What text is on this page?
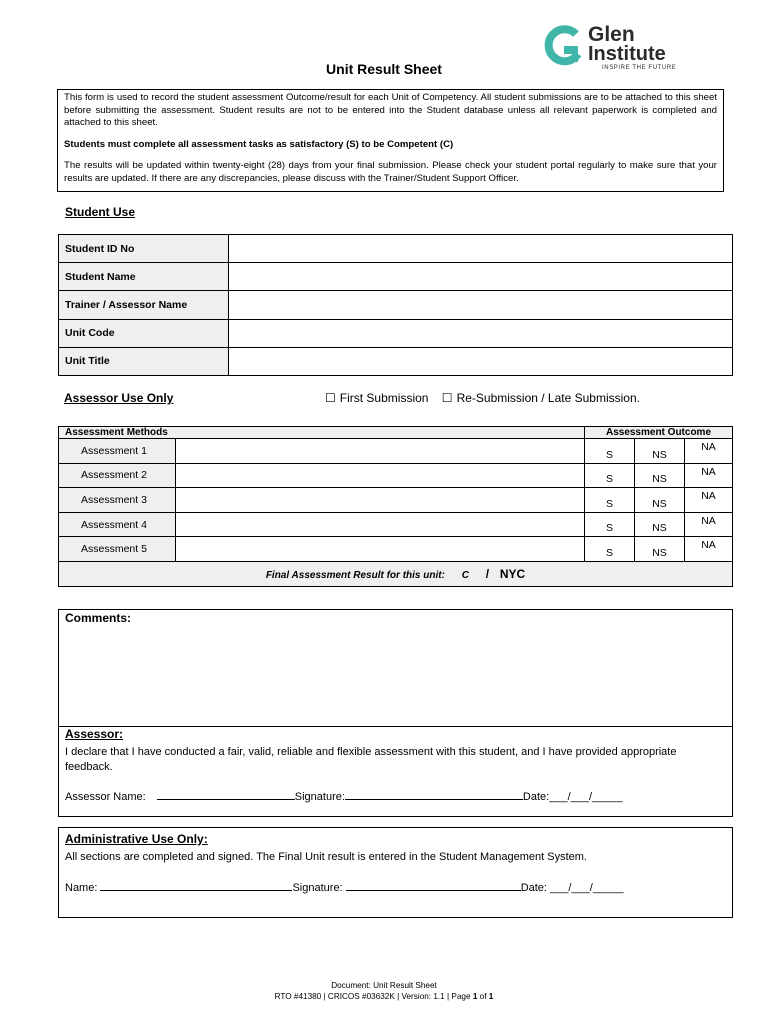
Glen
Institute
INSPIRE THE FUTURE
Unit Result Sheet

This form is used to record the student assessment Outcome/result for each Unit of Competency. All student submissions are to be attached to this sheet before submitting the assessment. Student results are not to be entered into the Student database unless all relevant paperwork is completed and attached to this sheet.

Students must complete all assessment tasks as satisfactory (S) to be Competent (C)

The results will be updated within twenty-eight (28) days from your final submission. Please check your student portal regularly to make sure that your results are updated. If there are any discrepancies, please discuss with the Trainer/Student Support Officer.

Student Use
Student ID No	
Student Name	
Trainer / Assessor Name	
Unit Code	
Unit Title	
Assessor Use Only	☐ First Submission ☐ Re-Submission / Late Submission.
Assessment Methods		Assessment Outcome		
Assessment 1		S	NS	NA
Assessment 2		S	NS	NA
Assessment 3		S	NS	NA
Assessment 4		S	NS	NA
Assessment 5		S	NS	NA
Final Assessment Result for this unit: C / NYC				
Comments:
Assessor:
I declare that I have conducted a fair, valid, reliable and flexible assessment with this student, and I have provided appropriate feedback.
Assessor Name:	Signature:	Date:___/___/_____
Administrative Use Only:
All sections are completed and signed. The Final Unit result is entered in the Student Management System.
Name:	Signature:	Date: ___/___/_____
Document: Unit Result Sheet
RTO #41380 | CRICOS #03632K | Version: 1.1 | Page 1 of 1
